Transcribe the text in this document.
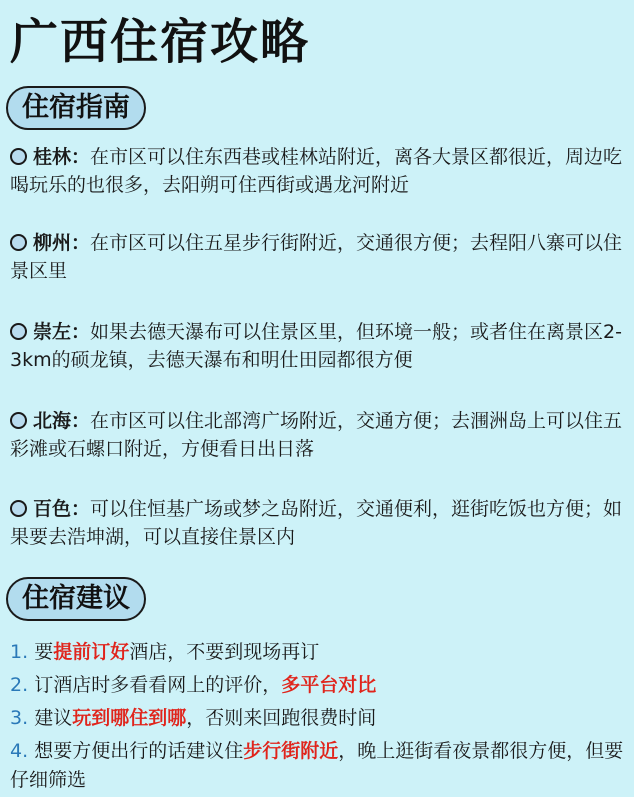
广西住宿攻略
住宿指南
桂林：在市区可以住东西巷或桂林站附近，离各大景区都很近，周边吃喝玩乐的也很多，去阳朔可住西街或遇龙河附近
柳州：在市区可以住五星步行街附近，交通很方便；去程阳八寨可以住景区里
崇左：如果去德天瀑布可以住景区里，但环境一般；或者住在离景区2-3km的硕龙镇，去德天瀑布和明仕田园都很方便
北海：在市区可以住北部湾广场附近，交通方便；去涠洲岛上可以住五彩滩或石螺口附近，方便看日出日落
百色：可以住恒基广场或梦之岛附近，交通便利，逛街吃饭也方便；如果要去浩坤湖，可以直接住景区内
住宿建议
1. 要提前订好酒店，不要到现场再订
2. 订酒店时多看看网上的评价，多平台对比
3. 建议玩到哪住到哪，否则来回跑很费时间
4. 想要方便出行的话建议住步行街附近，晚上逛街看夜景都很方便，但要仔细筛选
